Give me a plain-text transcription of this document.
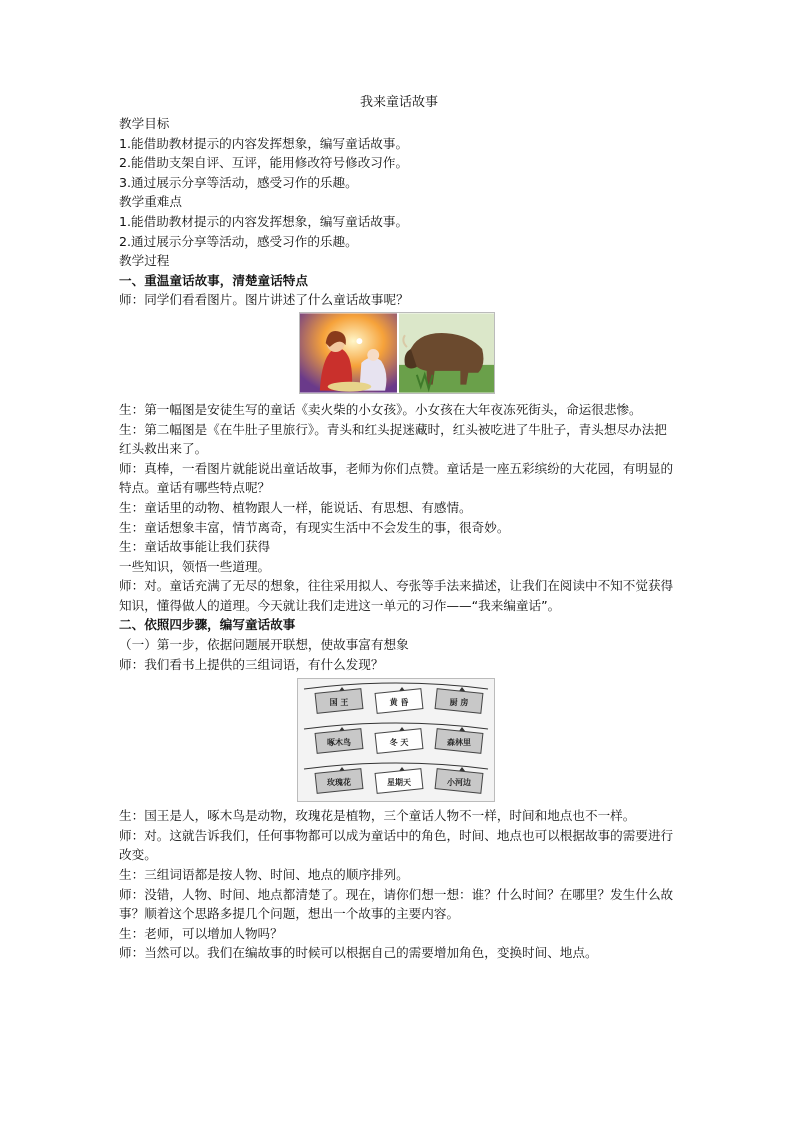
我来童话故事

教学目标

1.能借助教材提示的内容发挥想象，编写童话故事。

2.能借助支架自评、互评，能用修改符号修改习作。

3.通过展示分享等活动，感受习作的乐趣。

教学重难点

1.能借助教材提示的内容发挥想象，编写童话故事。

2.通过展示分享等活动，感受习作的乐趣。

教学过程

一、重温童话故事，清楚童话特点

师：同学们看看图片。图片讲述了什么童话故事呢？

生：第一幅图是安徒生写的童话《卖火柴的小女孩》。小女孩在大年夜冻死街头，命运很悲惨。

生：第二幅图是《在牛肚子里旅行》。青头和红头捉迷藏时，红头被吃进了牛肚子，青头想尽办法把红头救出来了。

师：真棒，一看图片就能说出童话故事，老师为你们点赞。童话是一座五彩缤纷的大花园，有明显的特点。童话有哪些特点呢？

生：童话里的动物、植物跟人一样，能说话、有思想、有感情。

生：童话想象丰富，情节离奇，有现实生活中不会发生的事，很奇妙。

生：童话故事能让我们获得

一些知识，领悟一些道理。

师：对。童话充满了无尽的想象，往往采用拟人、夸张等手法来描述，让我们在阅读中不知不觉获得知识，懂得做人的道理。今天就让我们走进这一单元的习作——“我来编童话”。

二、依照四步骤，编写童话故事

（一）第一步，依据问题展开联想，使故事富有想象

师：我们看书上提供的三组词语，有什么发现？

国 王
啄木鸟
玫瑰花
黄 昏
冬 天
星期天
厨 房
森林里
小河边

生：国王是人，啄木鸟是动物，玫瑰花是植物，三个童话人物不一样，时间和地点也不一样。

师：对。这就告诉我们，任何事物都可以成为童话中的角色，时间、地点也可以根据故事的需要进行改变。

生：三组词语都是按人物、时间、地点的顺序排列。

师：没错，人物、时间、地点都清楚了。现在，请你们想一想：谁？什么时间？在哪里？发生什么故事？顺着这个思路多提几个问题，想出一个故事的主要内容。

生：老师，可以增加人物吗？

师：当然可以。我们在编故事的时候可以根据自己的需要增加角色，变换时间、地点。
